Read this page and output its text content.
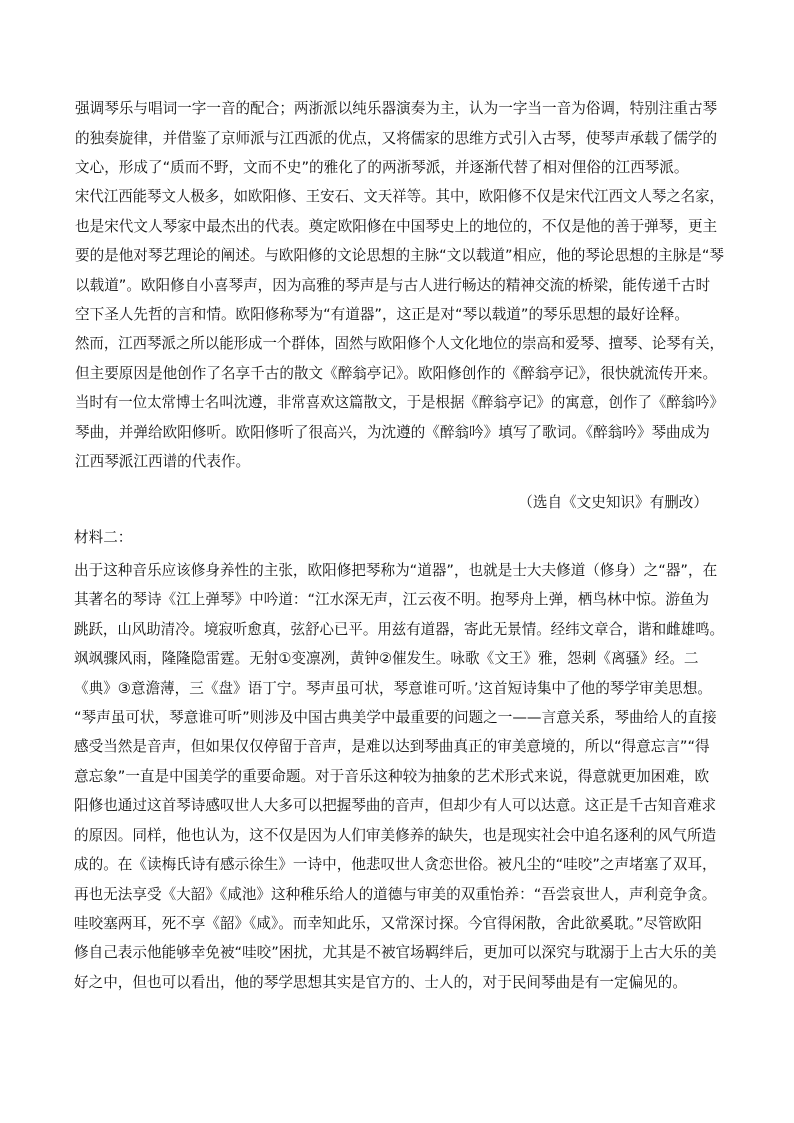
强调琴乐与唱词一字一音的配合；两浙派以纯乐器演奏为主，认为一字当一音为俗调，特别注重古琴
的独奏旋律，并借鉴了京师派与江西派的优点，又将儒家的思维方式引入古琴，使琴声承载了儒学的
文心，形成了“质而不野，文而不史”的雅化了的两浙琴派，并逐渐代替了相对俚俗的江西琴派。
宋代江西能琴文人极多，如欧阳修、王安石、文天祥等。其中，欧阳修不仅是宋代江西文人琴之名家，
也是宋代文人琴家中最杰出的代表。奠定欧阳修在中国琴史上的地位的，不仅是他的善于弹琴，更主
要的是他对琴艺理论的阐述。与欧阳修的文论思想的主脉“文以载道”相应，他的琴论思想的主脉是“琴
以载道”。欧阳修自小喜琴声，因为高雅的琴声是与古人进行畅达的精神交流的桥梁，能传递千古时
空下圣人先哲的言和情。欧阳修称琴为“有道器”，这正是对“琴以载道”的琴乐思想的最好诠释。
然而，江西琴派之所以能形成一个群体，固然与欧阳修个人文化地位的崇高和爱琴、擅琴、论琴有关，
但主要原因是他创作了名享千古的散文《醉翁亭记》。欧阳修创作的《醉翁亭记》，很快就流传开来。
当时有一位太常博士名叫沈遵，非常喜欢这篇散文，于是根据《醉翁亭记》的寓意，创作了《醉翁吟》
琴曲，并弹给欧阳修听。欧阳修听了很高兴，为沈遵的《醉翁吟》填写了歌词。《醉翁吟》琴曲成为
江西琴派江西谱的代表作。
（选自《文史知识》有删改）
材料二：
出于这种音乐应该修身养性的主张，欧阳修把琴称为“道器”，也就是士大夫修道（修身）之“器”，在
其著名的琴诗《江上弹琴》中吟道：“江水深无声，江云夜不明。抱琴舟上弹，栖鸟林中惊。游鱼为
跳跃，山风助清冷。境寂听愈真，弦舒心已平。用兹有道器，寄此无景情。经纬文章合，谐和雌雄鸣。
飒飒骤风雨，隆隆隐雷霆。无射①变凛冽，黄钟②催发生。咏歌《文王》雅，怨刺《离骚》经。二
《典》③意澹薄，三《盘》语丁宁。琴声虽可状，琴意谁可听。’这首短诗集中了他的琴学审美思想。
“琴声虽可状，琴意谁可听”则涉及中国古典美学中最重要的问题之一——言意关系，琴曲给人的直接
感受当然是音声，但如果仅仅停留于音声，是难以达到琴曲真正的审美意境的，所以“得意忘言”“得
意忘象”一直是中国美学的重要命题。对于音乐这种较为抽象的艺术形式来说，得意就更加困难，欧
阳修也通过这首琴诗感叹世人大多可以把握琴曲的音声，但却少有人可以达意。这正是千古知音难求
的原因。同样，他也认为，这不仅是因为人们审美修养的缺失，也是现实社会中追名逐利的风气所造
成的。在《读梅氏诗有感示徐生》一诗中，他悲叹世人贪恋世俗。被凡尘的“哇咬”之声堵塞了双耳，
再也无法享受《大韶》《咸池》这种稚乐给人的道德与审美的双重怡养：“吾尝哀世人，声利竞争贪。
哇咬塞两耳，死不享《韶》《咸》。而幸知此乐，又常深讨探。今官得闲散，舍此欲奚耽。”尽管欧阳
修自己表示他能够幸免被“哇咬”困扰，尤其是不被官场羁绊后，更加可以深究与耽溺于上古大乐的美
好之中，但也可以看出，他的琴学思想其实是官方的、士人的，对于民间琴曲是有一定偏见的。
